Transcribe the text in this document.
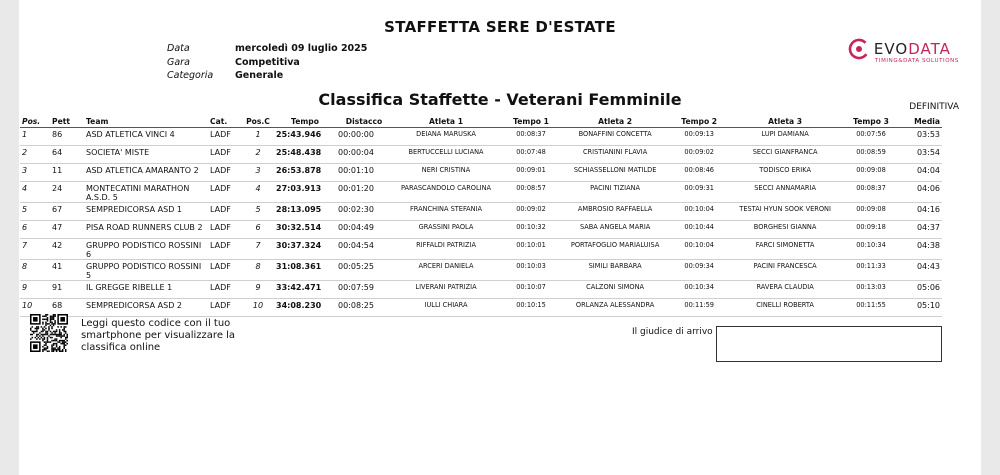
STAFFETTA SERE D'ESTATE
Data	mercoledì 09 luglio 2025
Gara	Competitiva
Categoria	Generale
EVODATA
TIMING&DATA SOLUTIONS
Classifica Staffette - Veterani Femminile	DEFINITIVA
Pos.	Pett	Team	Cat.	Pos.C	Tempo	Distacco	Atleta 1	Tempo 1	Atleta 2	Tempo 2	Atleta 3	Tempo 3	Media
1	86	ASD ATLETICA VINCI 4	LADF	1	25:43.946	00:00:00	DEIANA MARUSKA	00:08:37	BONAFFINI CONCETTA	00:09:13	LUPI DAMIANA	00:07:56	03:53
2	64	SOCIETA' MISTE	LADF	2	25:48.438	00:00:04	BERTUCCELLI LUCIANA	00:07:48	CRISTIANINI FLAVIA	00:09:02	SECCI GIANFRANCA	00:08:59	03:54
3	11	ASD ATLETICA AMARANTO 2	LADF	3	26:53.878	00:01:10	NERI CRISTINA	00:09:01	SCHIASSELLONI MATILDE	00:08:46	TODISCO ERIKA	00:09:08	04:04
4	24	MONTECATINI MARATHON A.S.D. 5	LADF	4	27:03.913	00:01:20	PARASCANDOLO CAROLINA	00:08:57	PACINI TIZIANA	00:09:31	SECCI ANNAMARIA	00:08:37	04:06
5	67	SEMPREDICORSA ASD 1	LADF	5	28:13.095	00:02:30	FRANCHINA STEFANIA	00:09:02	AMBROSIO RAFFAELLA	00:10:04	TESTAI HYUN SOOK VERONI	00:09:08	04:16
6	47	PISA ROAD RUNNERS CLUB 2	LADF	6	30:32.514	00:04:49	GRASSINI PAOLA	00:10:32	SABA ANGELA MARIA	00:10:44	BORGHESI GIANNA	00:09:18	04:37
7	42	GRUPPO PODISTICO ROSSINI 6	LADF	7	30:37.324	00:04:54	RIFFALDI PATRIZIA	00:10:01	PORTAFOGLIO MARIALUISA	00:10:04	FARCI SIMONETTA	00:10:34	04:38
8	41	GRUPPO PODISTICO ROSSINI 5	LADF	8	31:08.361	00:05:25	ARCERI DANIELA	00:10:03	SIMILI BARBARA	00:09:34	PACINI FRANCESCA	00:11:33	04:43
9	91	IL GREGGE RIBELLE 1	LADF	9	33:42.471	00:07:59	LIVERANI PATRIZIA	00:10:07	CALZONI SIMONA	00:10:34	RAVERA CLAUDIA	00:13:03	05:06
10	68	SEMPREDICORSA ASD 2	LADF	10	34:08.230	00:08:25	IULLI CHIARA	00:10:15	ORLANZA ALESSANDRA	00:11:59	CINELLI ROBERTA	00:11:55	05:10
Leggi questo codice con il tuo smartphone per visualizzare la classifica online
Il giudice di arrivo
